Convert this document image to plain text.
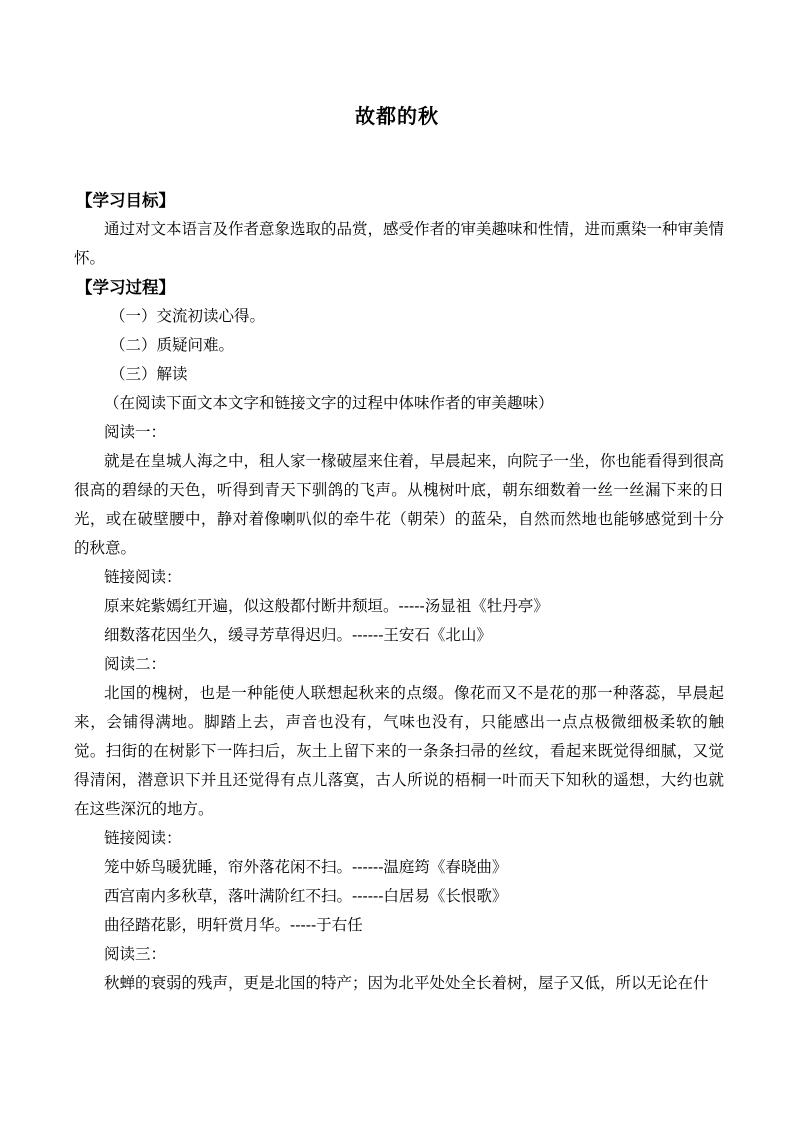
故都的秋
【学习目标】
通过对文本语言及作者意象选取的品赏，感受作者的审美趣味和性情，进而熏染一种审美情怀。
【学习过程】
（一）交流初读心得。
（二）质疑问难。
（三）解读
（在阅读下面文本文字和链接文字的过程中体味作者的审美趣味）
阅读一：
就是在皇城人海之中，租人家一椽破屋来住着，早晨起来，向院子一坐，你也能看得到很高很高的碧绿的天色，听得到青天下驯鸽的飞声。从槐树叶底，朝东细数着一丝一丝漏下来的日光，或在破壁腰中，静对着像喇叭似的牵牛花（朝荣）的蓝朵，自然而然地也能够感觉到十分的秋意。
链接阅读：
原来姹紫嫣红开遍，似这般都付断井颓垣。-----汤显祖《牡丹亭》
细数落花因坐久，缓寻芳草得迟归。------王安石《北山》
阅读二：
北国的槐树，也是一种能使人联想起秋来的点缀。像花而又不是花的那一种落蕊，早晨起来，会铺得满地。脚踏上去，声音也没有，气味也没有，只能感出一点点极微细极柔软的触觉。扫街的在树影下一阵扫后，灰土上留下来的一条条扫帚的丝纹，看起来既觉得细腻，又觉得清闲，潜意识下并且还觉得有点儿落寞，古人所说的梧桐一叶而天下知秋的遥想，大约也就在这些深沉的地方。
链接阅读：
笼中娇鸟暖犹睡，帘外落花闲不扫。------温庭筠《春晓曲》
西宫南内多秋草，落叶满阶红不扫。------白居易《长恨歌》
曲径踏花影，明轩赏月华。-----于右任
阅读三：
秋蝉的衰弱的残声，更是北国的特产；因为北平处处全长着树，屋子又低，所以无论在什
